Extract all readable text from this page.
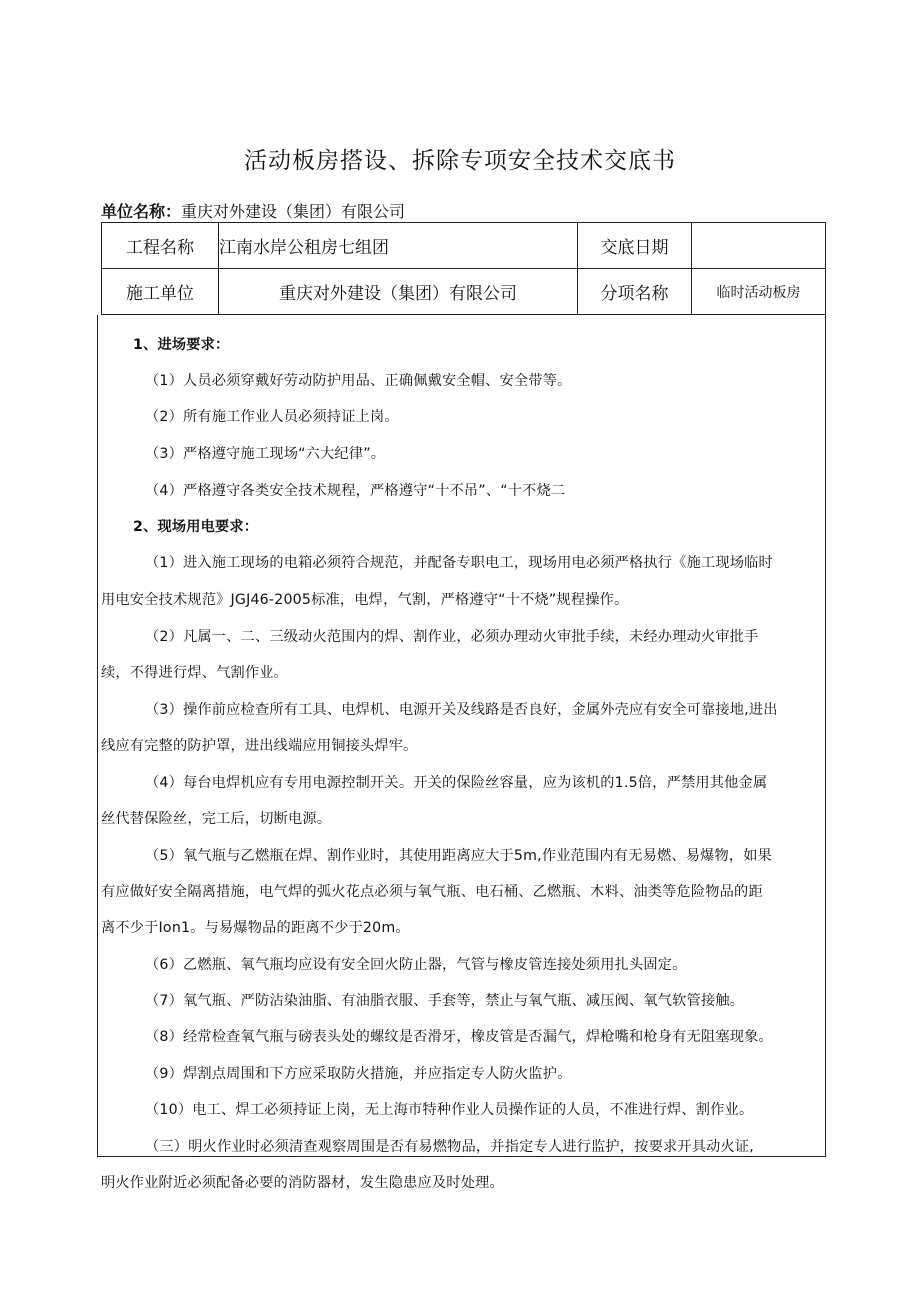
活动板房搭设、拆除专项安全技术交底书
单位名称：重庆对外建设（集团）有限公司
工程名称	江南水岸公租房七组团	交底日期	
施工单位	重庆对外建设（集团）有限公司	分项名称	临时活动板房
1、进场要求：
（1）人员必须穿戴好劳动防护用品、正确佩戴安全帽、安全带等。
（2）所有施工作业人员必须持证上岗。
（3）严格遵守施工现场“六大纪律”。
（4）严格遵守各类安全技术规程，严格遵守“十不吊”、“十不烧二
2、现场用电要求：
（1）进入施工现场的电箱必须符合规范，并配备专职电工，现场用电必须严格执行《施工现场临时
用电安全技术规范》JGJ46-2005标准，电焊，气割，严格遵守“十不烧”规程操作。
（2）凡属一、二、三级动火范围内的焊、割作业，必须办理动火审批手续，未经办理动火审批手
续，不得进行焊、气割作业。
（3）操作前应检查所有工具、电焊机、电源开关及线路是否良好，金属外壳应有安全可靠接地,进出
线应有完整的防护罩，进出线端应用铜接头焊牢。
（4）每台电焊机应有专用电源控制开关。开关的保险丝容量，应为该机的1.5倍，严禁用其他金属
丝代替保险丝，完工后，切断电源。
（5）氧气瓶与乙燃瓶在焊、割作业时，其使用距离应大于5m,作业范围内有无易燃、易爆物，如果
有应做好安全隔离措施，电气焊的弧火花点必须与氧气瓶、电石桶、乙燃瓶、木料、油类等危险物品的距
离不少于Ion1。与易爆物品的距离不少于20m。
（6）乙燃瓶、氧气瓶均应设有安全回火防止器，气管与橡皮管连接处须用扎头固定。
（7）氧气瓶、严防沾染油脂、有油脂衣服、手套等，禁止与氧气瓶、减压阀、氧气软管接触。
（8）经常检查氧气瓶与磅表头处的螺纹是否滑牙，橡皮管是否漏气，焊枪嘴和枪身有无阻塞现象。
（9）焊割点周围和下方应采取防火措施，并应指定专人防火监护。
（10）电工、焊工必须持证上岗，无上海市特种作业人员操作证的人员，不准进行焊、割作业。
（三）明火作业时必须清查观察周围是否有易燃物品，并指定专人进行监护，按要求开具动火证,
明火作业附近必须配备必要的消防器材，发生隐患应及时处理。
